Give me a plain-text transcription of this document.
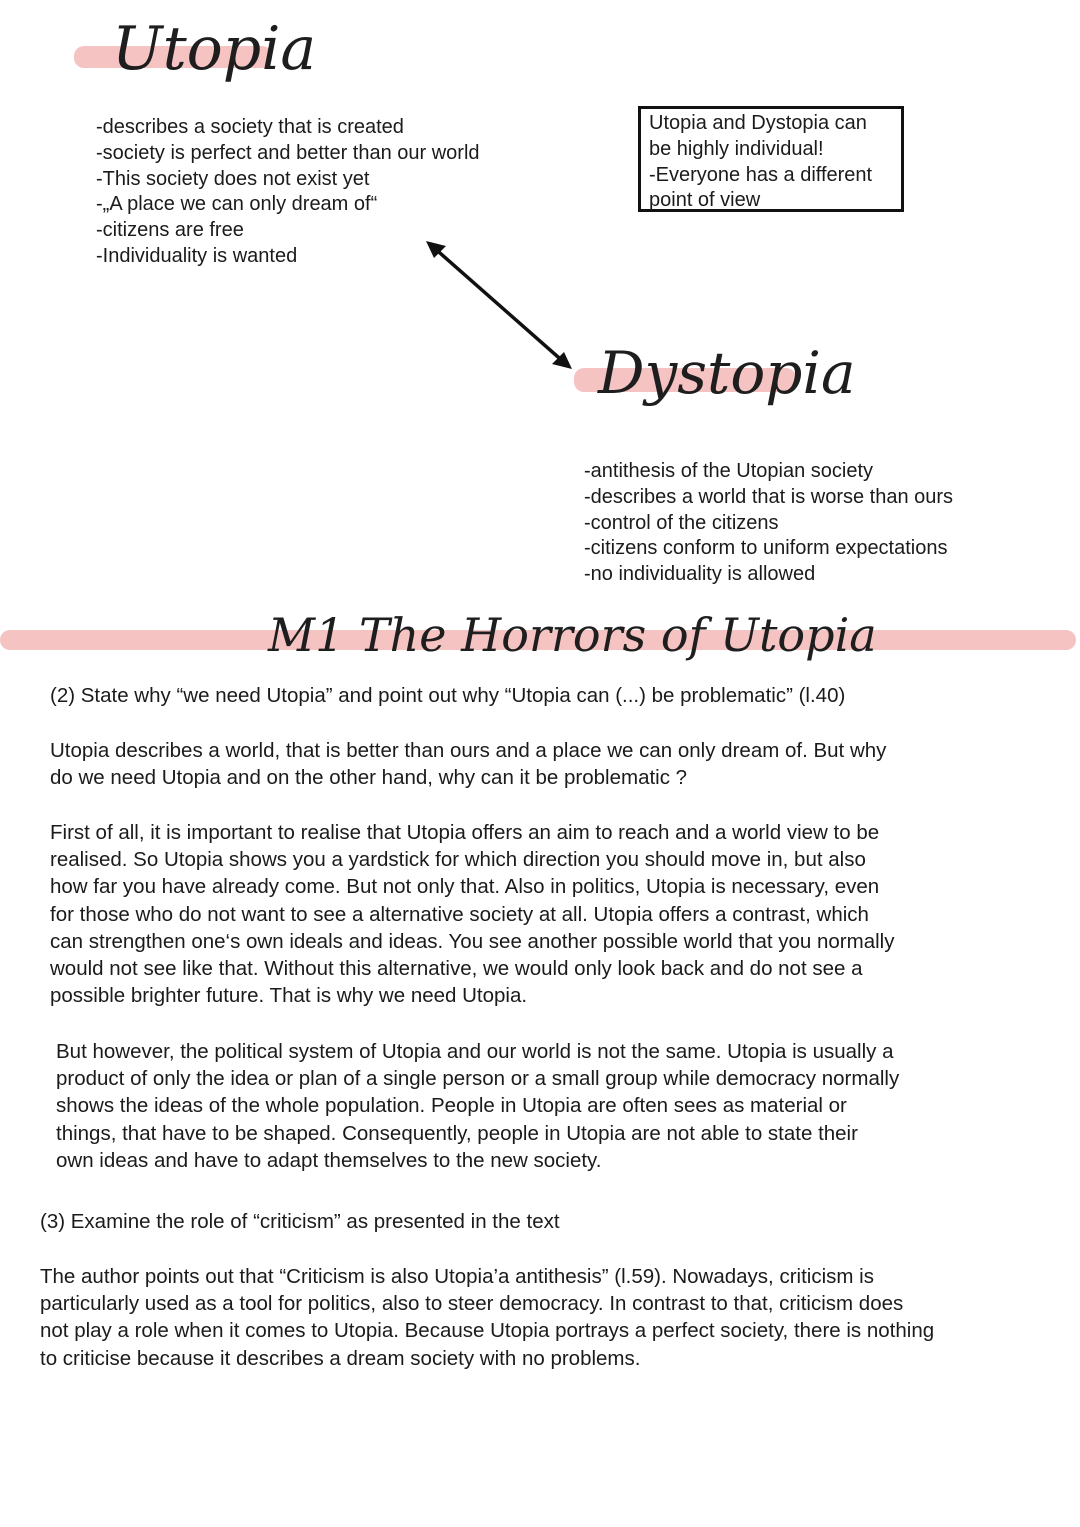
Utopia
-describes a society that is created
-society is perfect and better than our world
-This society does not exist yet
-„A place we can only dream of“
-citizens are free
-Individuality is wanted

Utopia and Dystopia can

be highly individual!

-Everyone has a different

point of view

Dystopia
-antithesis of the Utopian society
-describes a world that is worse than ours
-control of the citizens
-citizens conform to uniform expectations
-no individuality is allowed
M1 The Horrors of Utopia

(2) State why “we need Utopia” and point out why “Utopia can (...) be problematic” (l.40)

Utopia describes a world, that is better than ours and a place we can only dream of. But why
do we need Utopia and on the other hand, why can it be problematic ?

First of all, it is important to realise that Utopia offers an aim to reach and a world view to be
realised. So Utopia shows you a yardstick for which direction you should move in, but also
how far you have already come. But not only that. Also in politics, Utopia is necessary, even
for those who do not want to see a alternative society at all. Utopia offers a contrast, which
can strengthen one‘s own ideals and ideas. You see another possible world that you normally
would not see like that. Without this alternative, we would only look back and do not see a
possible brighter future. That is why we need Utopia.

But however, the political system of Utopia and our world is not the same. Utopia is usually a
product of only the idea or plan of a single person or a small group while democracy normally
shows the ideas of the whole population. People in Utopia are often sees as material or
things, that have to be shaped. Consequently, people in Utopia are not able to state their
own ideas and have to adapt themselves to the new society.

(3) Examine the role of “criticism” as presented in the text

The author points out that “Criticism is also Utopia’a antithesis” (l.59). Nowadays, criticism is
particularly used as a tool for politics, also to steer democracy. In contrast to that, criticism does
not play a role when it comes to Utopia. Because Utopia portrays a perfect society, there is nothing
to criticise because it describes a dream society with no problems.
